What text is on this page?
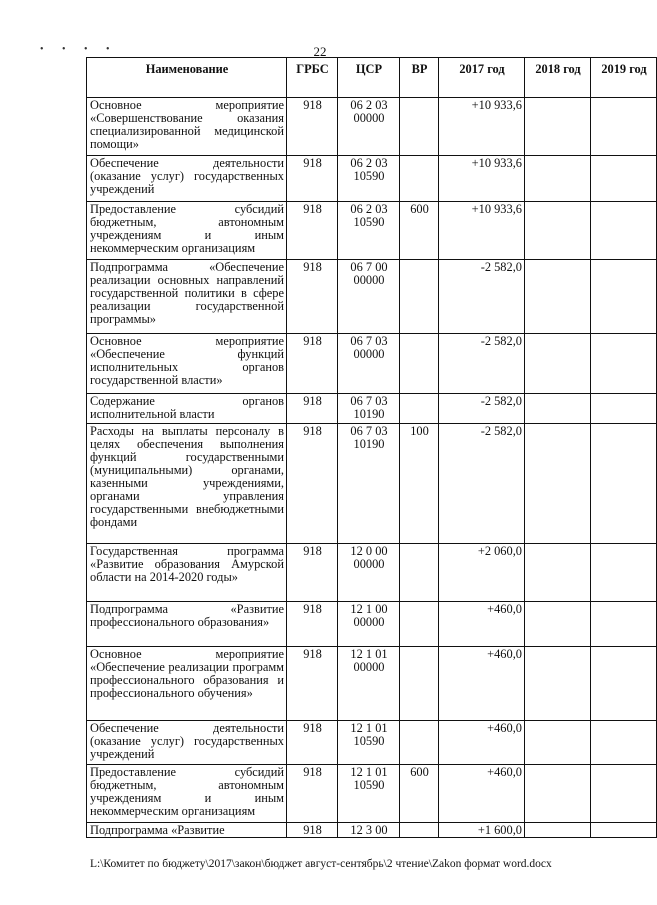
• • • •	22
Наименование	ГРБС	ЦСР	ВР	2017 год	2018 год	2019 год
Основное мероприятие «Совершенствование оказания специализированной медицинской помощи»	918	06 2 03 00000		+10 933,6		
Обеспечение деятельности (оказание услуг) государственных учреждений	918	06 2 03 10590		+10 933,6		
Предоставление субсидий бюджетным, автономным учреждениям и иным некоммерческим организациям	918	06 2 03 10590	600	+10 933,6		
Подпрограмма «Обеспечение реализации основных направлений государственной политики в сфере реализации государственной программы»	918	06 7 00 00000		-2 582,0		
Основное мероприятие «Обеспечение функций исполнительных органов государственной власти»	918	06 7 03 00000		-2 582,0		
Содержание органов исполнительной власти	918	06 7 03 10190		-2 582,0		
Расходы на выплаты персоналу в целях обеспечения выполнения функций государственными (муниципальными) органами, казенными учреждениями, органами управления государственными внебюджетными фондами	918	06 7 03 10190	100	-2 582,0		
Государственная программа «Развитие образования Амурской области на 2014-2020 годы»	918	12 0 00 00000		+2 060,0		
Подпрограмма «Развитие профессионального образования»	918	12 1 00 00000		+460,0		
Основное мероприятие «Обеспечение реализации программ профессионального образования и профессионального обучения»	918	12 1 01 00000		+460,0		
Обеспечение деятельности (оказание услуг) государственных учреждений	918	12 1 01 10590		+460,0		
Предоставление субсидий бюджетным, автономным учреждениям и иным некоммерческим организациям	918	12 1 01 10590	600	+460,0		
Подпрограмма «Развитие	918	12 3 00		+1 600,0		
L:\Комитет по бюджету\2017\закон\бюджет август-сентябрь\2 чтение\Zakon формат word.docx
